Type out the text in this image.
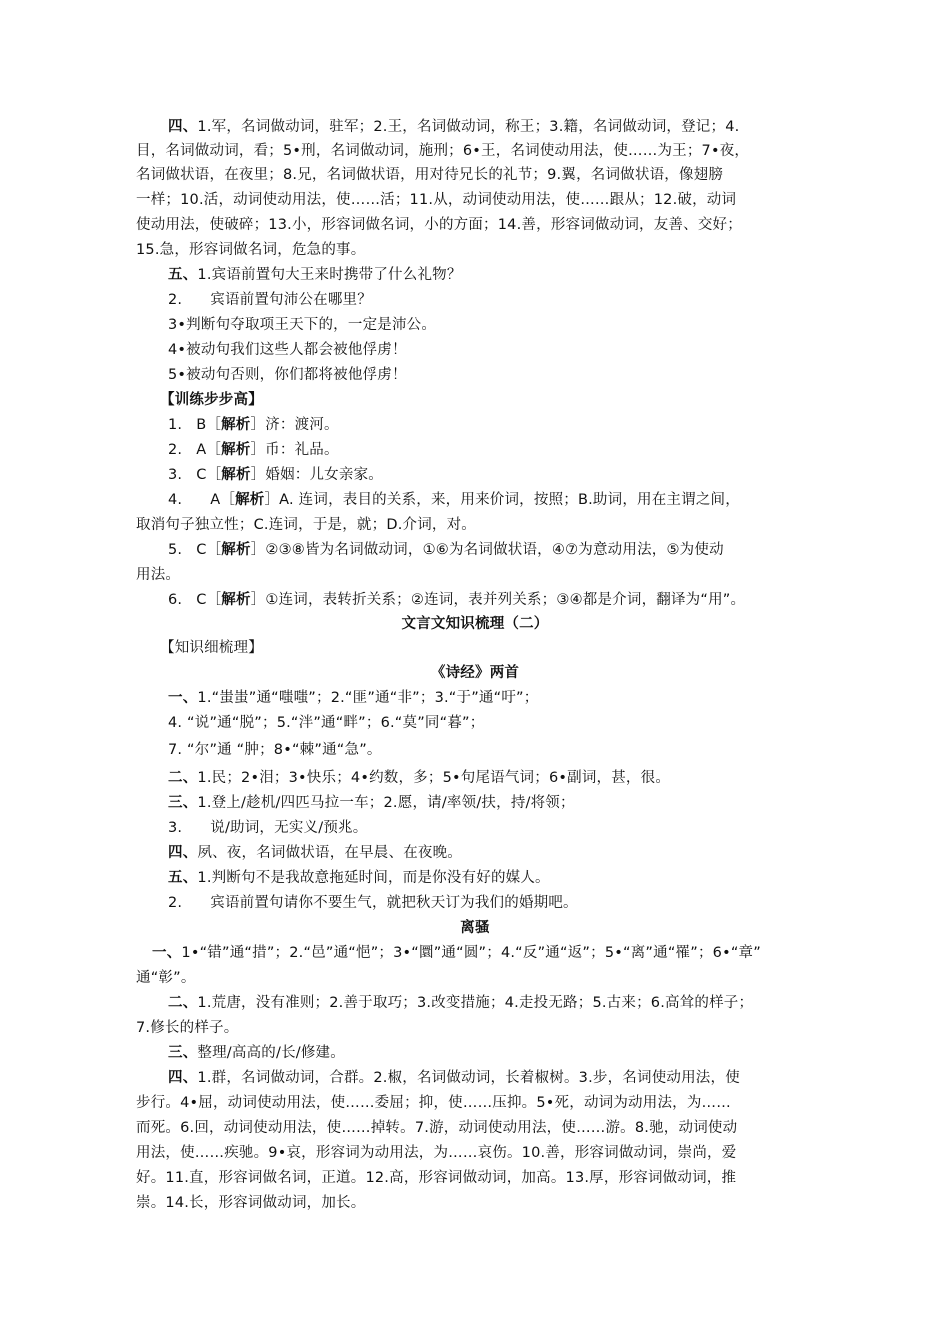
四、1.军，名词做动词，驻军；2.王，名词做动词，称王；3.籍，名词做动词，登记；4.
目，名词做动词，看；5•刑，名词做动词，施刑；6•王，名词使动用法，使……为王；7•夜，
名词做状语，在夜里；8.兄，名词做状语，用对待兄长的礼节；9.翼，名词做状语，像翅膀
一样；10.活，动词使动用法，使……活；11.从，动词使动用法，使……跟从；12.破，动词
使动用法，使破碎；13.小，形容词做名词，小的方面；14.善，形容词做动词，友善、交好；
15.急，形容词做名词，危急的事。
五、1.宾语前置句大王来时携带了什么礼物？
2. 宾语前置句沛公在哪里？
3•判断句夺取项王天下的，一定是沛公。
4•被动句我们这些人都会被他俘虏！
5•被动句否则，你们都将被他俘虏！
【训练步步高】
1. B［解析］济：渡河。
2. A［解析］币：礼品。
3. C［解析］婚姻：儿女亲家。
4. A［解析］A. 连词，表目的关系，来，用来价词，按照；B.助词，用在主谓之间，
取消句子独立性；C.连词，于是，就；D.介词，对。
5. C［解析］②③⑧皆为名词做动词，①⑥为名词做状语，④⑦为意动用法，⑤为使动
用法。
6. C［解析］①连词，表转折关系；②连词，表并列关系；③④都是介词，翻译为“用”。
文言文知识梳理（二）
【知识细梳理】
《诗经》两首
一、1.“蚩蚩”通“嗤嗤”；2.“匪”通“非”；3.“于”通“吁”；
4. “说”通“脱”；5.“泮”通“畔”；6.“莫”同“暮”；
7. “尔”通 “肿；8•“棘”通“急”。
二、1.民；2•泪；3•快乐；4•约数，多；5•句尾语气词；6•副词，甚，很。
三、1.登上/趁机/四匹马拉一车；2.愿，请/率领/扶，持/将领；
3. 说/助词，无实义/预兆。
四、夙、夜，名词做状语，在早晨、在夜晚。
五、1.判断句不是我故意拖延时间，而是你没有好的媒人。
2. 宾语前置句请你不要生气，就把秋天订为我们的婚期吧。
离骚
一、1•“错”通“措”；2.“邑”通“悒”；3•“圜”通“圆”；4.“反”通“返”；5•“离”通“罹”；6•“章”
通“彰”。
二、1.荒唐，没有准则；2.善于取巧；3.改变措施；4.走投无路；5.古来；6.高耸的样子；
7.修长的样子。
三、整理/高高的/长/修建。
四、1.群，名词做动词，合群。2.椒，名词做动词，长着椒树。3.步，名词使动用法，使
步行。4•屈，动词使动用法，使……委屈；抑，使……压抑。5•死，动词为动用法，为……
而死。6.回，动词使动用法，使……掉转。7.游，动词使动用法，使……游。8.驰，动词使动
用法，使……疾驰。9•哀，形容词为动用法，为……哀伤。10.善，形容词做动词，崇尚，爱
好。11.直，形容词做名词，正道。12.高，形容词做动词，加高。13.厚，形容词做动词，推
崇。14.长，形容词做动词，加长。
